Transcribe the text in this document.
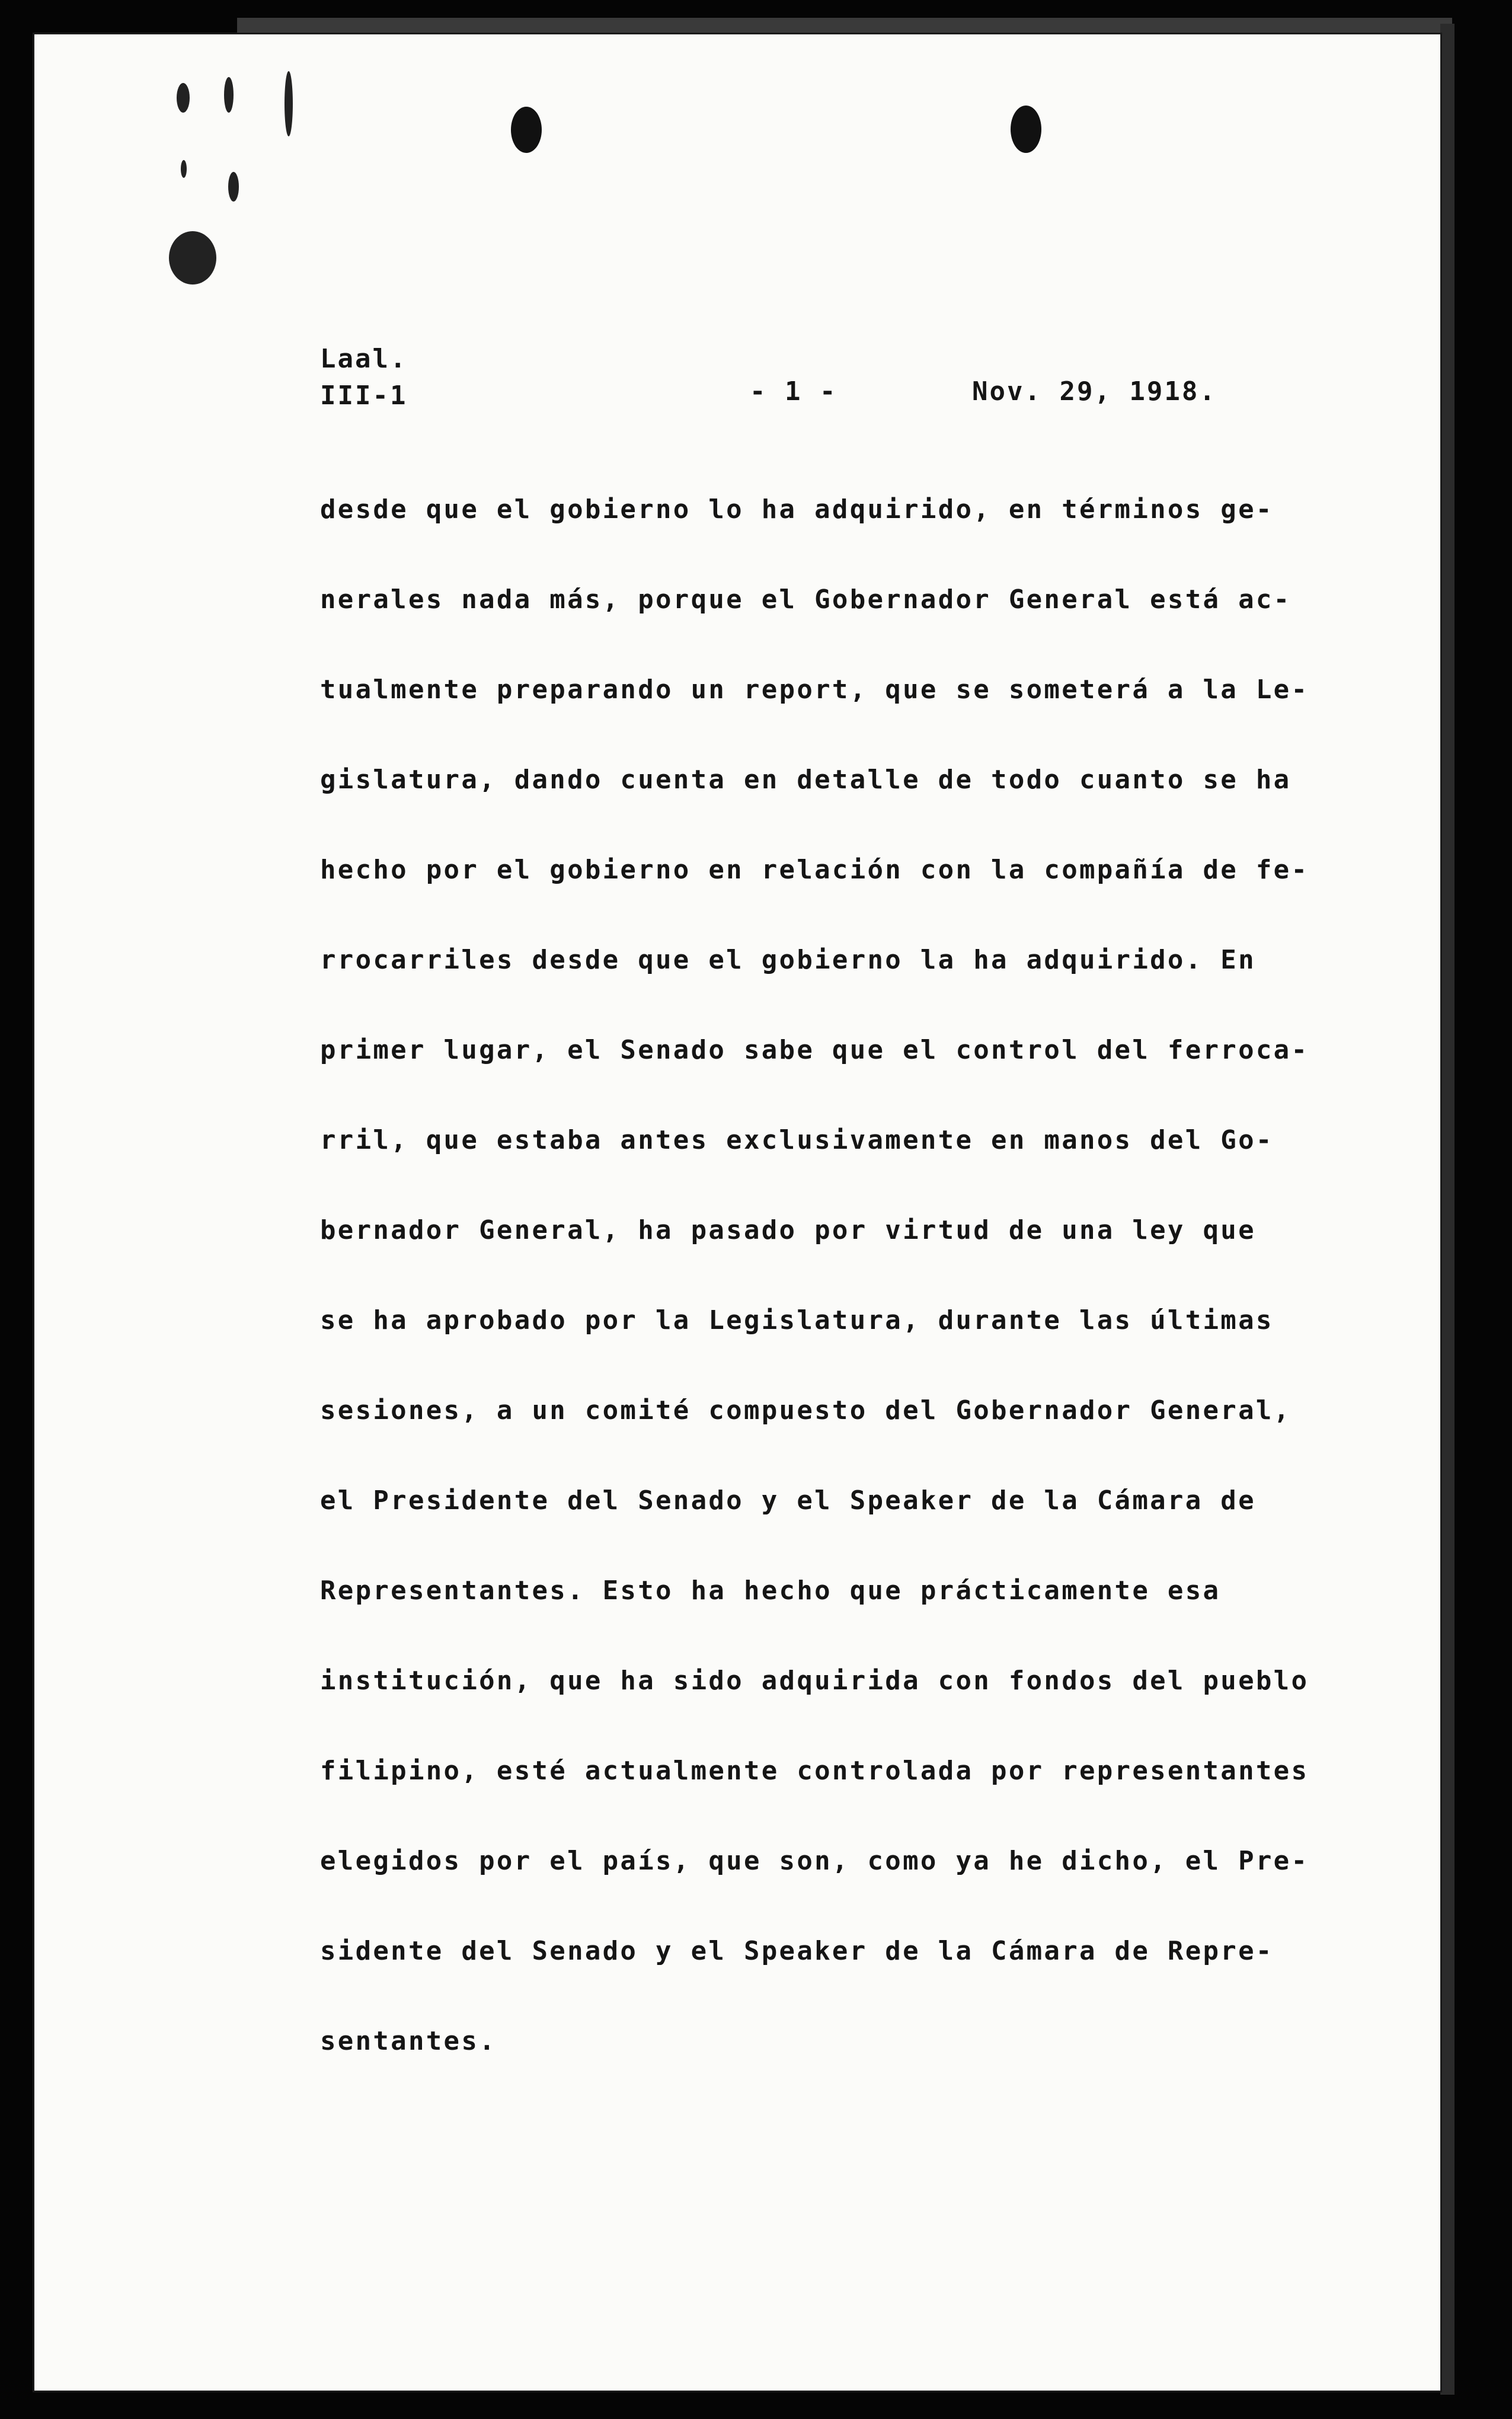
Laal.
III-1	- 1 -	Nov. 29, 1918.
desde que el gobierno lo ha adquirido, en términos ge-
nerales nada más, porque el Gobernador General está ac-
tualmente preparando un report, que se someterá a la Le-
gislatura, dando cuenta en detalle de todo cuanto se ha
hecho por el gobierno en relación con la compañía de fe-
rrocarriles desde que el gobierno la ha adquirido. En
primer lugar, el Senado sabe que el control del ferroca-
rril, que estaba antes exclusivamente en manos del Go-
bernador General, ha pasado por virtud de una ley que
se ha aprobado por la Legislatura, durante las últimas
sesiones, a un comité compuesto del Gobernador General,
el Presidente del Senado y el Speaker de la Cámara de
Representantes. Esto ha hecho que prácticamente esa
institución, que ha sido adquirida con fondos del pueblo
filipino, esté actualmente controlada por representantes
elegidos por el país, que son, como ya he dicho, el Pre-
sidente del Senado y el Speaker de la Cámara de Repre-
sentantes.
